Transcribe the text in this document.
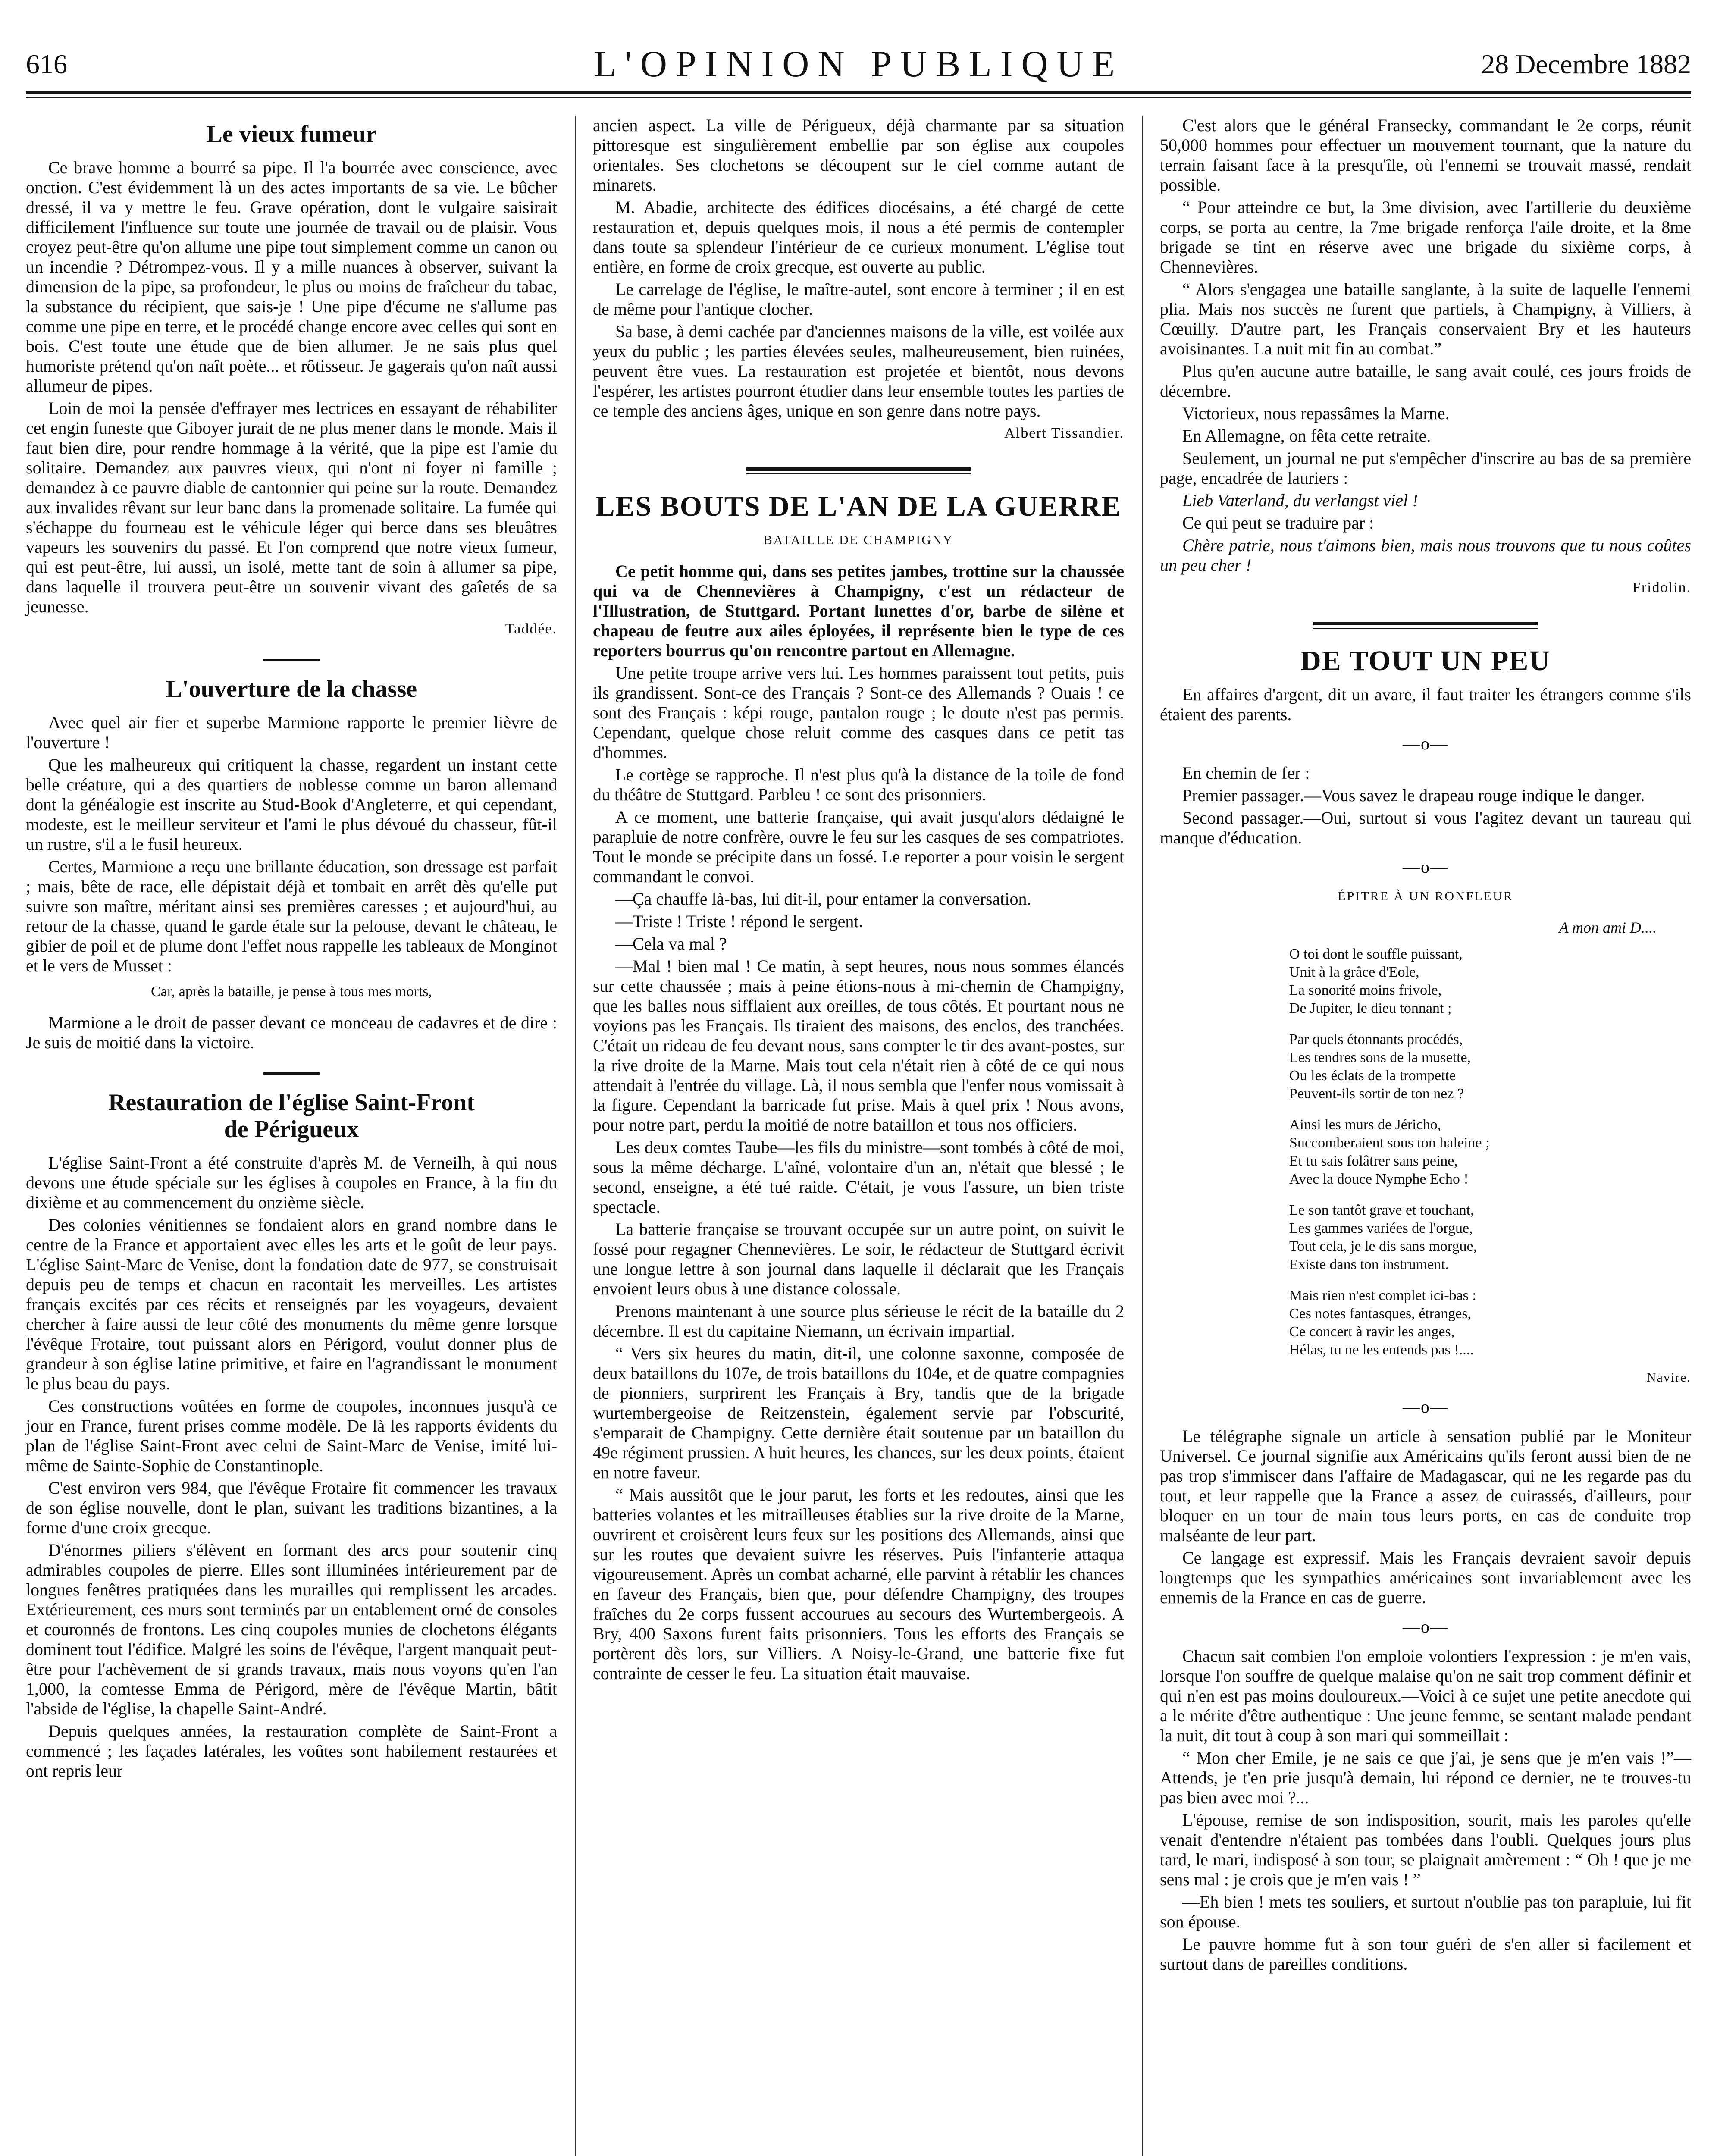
616	L'OPINION PUBLIQUE	28 Decembre 1882
Le vieux fumeur

Ce brave homme a bourré sa pipe. Il l'a bourrée avec conscience, avec onction. C'est évidemment là un des actes importants de sa vie. Le bûcher dressé, il va y mettre le feu. Grave opération, dont le vulgaire saisirait difficilement l'influence sur toute une journée de travail ou de plaisir. Vous croyez peut-être qu'on allume une pipe tout simplement comme un canon ou un incendie ? Détrompez-vous. Il y a mille nuances à observer, suivant la dimension de la pipe, sa profondeur, le plus ou moins de fraîcheur du tabac, la substance du récipient, que sais-je ! Une pipe d'écume ne s'allume pas comme une pipe en terre, et le procédé change encore avec celles qui sont en bois. C'est toute une étude que de bien allumer. Je ne sais plus quel humoriste prétend qu'on naît poète... et rôtisseur. Je gagerais qu'on naît aussi allumeur de pipes.

Loin de moi la pensée d'effrayer mes lectrices en essayant de réhabiliter cet engin funeste que Giboyer jurait de ne plus mener dans le monde. Mais il faut bien dire, pour rendre hommage à la vérité, que la pipe est l'amie du solitaire. Demandez aux pauvres vieux, qui n'ont ni foyer ni famille ; demandez à ce pauvre diable de cantonnier qui peine sur la route. Demandez aux invalides rêvant sur leur banc dans la promenade solitaire. La fumée qui s'échappe du fourneau est le véhicule léger qui berce dans ses bleuâtres vapeurs les souvenirs du passé. Et l'on comprend que notre vieux fumeur, qui est peut-être, lui aussi, un isolé, mette tant de soin à allumer sa pipe, dans laquelle il trouvera peut-être un souvenir vivant des gaîetés de sa jeunesse.

Taddée.
L'ouverture de la chasse

Avec quel air fier et superbe Marmione rapporte le premier lièvre de l'ouverture !

Que les malheureux qui critiquent la chasse, regardent un instant cette belle créature, qui a des quartiers de noblesse comme un baron allemand dont la généalogie est inscrite au Stud-Book d'Angleterre, et qui cependant, modeste, est le meilleur serviteur et l'ami le plus dévoué du chasseur, fût-il un rustre, s'il a le fusil heureux.

Certes, Marmione a reçu une brillante éducation, son dressage est parfait ; mais, bête de race, elle dépistait déjà et tombait en arrêt dès qu'elle put suivre son maître, méritant ainsi ses premières caresses ; et aujourd'hui, au retour de la chasse, quand le garde étale sur la pelouse, devant le château, le gibier de poil et de plume dont l'effet nous rappelle les tableaux de Monginot et le vers de Musset :

Car, après la bataille, je pense à tous mes morts,

Marmione a le droit de passer devant ce monceau de cadavres et de dire : Je suis de moitié dans la victoire.

Restauration de l'église Saint-Front
de Périgueux

L'église Saint-Front a été construite d'après M. de Verneilh, à qui nous devons une étude spéciale sur les églises à coupoles en France, à la fin du dixième et au commencement du onzième siècle.

Des colonies vénitiennes se fondaient alors en grand nombre dans le centre de la France et apportaient avec elles les arts et le goût de leur pays. L'église Saint-Marc de Venise, dont la fondation date de 977, se construisait depuis peu de temps et chacun en racontait les merveilles. Les artistes français excités par ces récits et renseignés par les voyageurs, devaient chercher à faire aussi de leur côté des monuments du même genre lorsque l'évêque Frotaire, tout puissant alors en Périgord, voulut donner plus de grandeur à son église latine primitive, et faire en l'agrandissant le monument le plus beau du pays.

Ces constructions voûtées en forme de coupoles, inconnues jusqu'à ce jour en France, furent prises comme modèle. De là les rapports évidents du plan de l'église Saint-Front avec celui de Saint-Marc de Venise, imité lui-même de Sainte-Sophie de Constantinople.

C'est environ vers 984, que l'évêque Frotaire fit commencer les travaux de son église nouvelle, dont le plan, suivant les traditions bizantines, a la forme d'une croix grecque.

D'énormes piliers s'élèvent en formant des arcs pour soutenir cinq admirables coupoles de pierre. Elles sont illuminées intérieurement par de longues fenêtres pratiquées dans les murailles qui remplissent les arcades. Extérieurement, ces murs sont terminés par un entablement orné de consoles et couronnés de frontons. Les cinq coupoles munies de clochetons élégants dominent tout l'édifice. Malgré les soins de l'évêque, l'argent manquait peut-être pour l'achèvement de si grands travaux, mais nous voyons qu'en l'an 1,000, la comtesse Emma de Périgord, mère de l'évêque Martin, bâtit l'abside de l'église, la chapelle Saint-André.

Depuis quelques années, la restauration complète de Saint-Front a commencé ; les façades latérales, les voûtes sont habilement restaurées et ont repris leur

ancien aspect. La ville de Périgueux, déjà charmante par sa situation pittoresque est singulièrement embellie par son église aux coupoles orientales. Ses clochetons se découpent sur le ciel comme autant de minarets.

M. Abadie, architecte des édifices diocésains, a été chargé de cette restauration et, depuis quelques mois, il nous a été permis de contempler dans toute sa splendeur l'intérieur de ce curieux monument. L'église tout entière, en forme de croix grecque, est ouverte au public.

Le carrelage de l'église, le maître-autel, sont encore à terminer ; il en est de même pour l'antique clocher.

Sa base, à demi cachée par d'anciennes maisons de la ville, est voilée aux yeux du public ; les parties élevées seules, malheureusement, bien ruinées, peuvent être vues. La restauration est projetée et bientôt, nous devons l'espérer, les artistes pourront étudier dans leur ensemble toutes les parties de ce temple des anciens âges, unique en son genre dans notre pays.

Albert Tissandier.
LES BOUTS DE L'AN DE LA GUERRE
BATAILLE DE CHAMPIGNY

Ce petit homme qui, dans ses petites jambes, trottine sur la chaussée qui va de Chennevières à Champigny, c'est un rédacteur de l'Illustration, de Stuttgard. Portant lunettes d'or, barbe de silène et chapeau de feutre aux ailes éployées, il représente bien le type de ces reporters bourrus qu'on rencontre partout en Allemagne.

Une petite troupe arrive vers lui. Les hommes paraissent tout petits, puis ils grandissent. Sont-ce des Français ? Sont-ce des Allemands ? Ouais ! ce sont des Français : képi rouge, pantalon rouge ; le doute n'est pas permis. Cependant, quelque chose reluit comme des casques dans ce petit tas d'hommes.

Le cortège se rapproche. Il n'est plus qu'à la distance de la toile de fond du théâtre de Stuttgard. Parbleu ! ce sont des prisonniers.

A ce moment, une batterie française, qui avait jusqu'alors dédaigné le parapluie de notre confrère, ouvre le feu sur les casques de ses compatriotes. Tout le monde se précipite dans un fossé. Le reporter a pour voisin le sergent commandant le convoi.

—Ça chauffe là-bas, lui dit-il, pour entamer la conversation.

—Triste ! Triste ! répond le sergent.

—Cela va mal ?

—Mal ! bien mal ! Ce matin, à sept heures, nous nous sommes élancés sur cette chaussée ; mais à peine étions-nous à mi-chemin de Champigny, que les balles nous sifflaient aux oreilles, de tous côtés. Et pourtant nous ne voyions pas les Français. Ils tiraient des maisons, des enclos, des tranchées. C'était un rideau de feu devant nous, sans compter le tir des avant-postes, sur la rive droite de la Marne. Mais tout cela n'était rien à côté de ce qui nous attendait à l'entrée du village. Là, il nous sembla que l'enfer nous vomissait à la figure. Cependant la barricade fut prise. Mais à quel prix ! Nous avons, pour notre part, perdu la moitié de notre bataillon et tous nos officiers.

Les deux comtes Taube—les fils du ministre—sont tombés à côté de moi, sous la même décharge. L'aîné, volontaire d'un an, n'était que blessé ; le second, enseigne, a été tué raide. C'était, je vous l'assure, un bien triste spectacle.

La batterie française se trouvant occupée sur un autre point, on suivit le fossé pour regagner Chennevières. Le soir, le rédacteur de Stuttgard écrivit une longue lettre à son journal dans laquelle il déclarait que les Français envoient leurs obus à une distance colossale.

Prenons maintenant à une source plus sérieuse le récit de la bataille du 2 décembre. Il est du capitaine Niemann, un écrivain impartial.

“ Vers six heures du matin, dit-il, une colonne saxonne, composée de deux bataillons du 107e, de trois bataillons du 104e, et de quatre compagnies de pionniers, surprirent les Français à Bry, tandis que de la brigade wurtembergeoise de Reitzenstein, également servie par l'obscurité, s'emparait de Champigny. Cette dernière était soutenue par un bataillon du 49e régiment prussien. A huit heures, les chances, sur les deux points, étaient en notre faveur.

“ Mais aussitôt que le jour parut, les forts et les redoutes, ainsi que les batteries volantes et les mitrailleuses établies sur la rive droite de la Marne, ouvrirent et croisèrent leurs feux sur les positions des Allemands, ainsi que sur les routes que devaient suivre les réserves. Puis l'infanterie attaqua vigoureusement. Après un combat acharné, elle parvint à rétablir les chances en faveur des Français, bien que, pour défendre Champigny, des troupes fraîches du 2e corps fussent accourues au secours des Wurtembergeois. A Bry, 400 Saxons furent faits prisonniers. Tous les efforts des Français se portèrent dès lors, sur Villiers. A Noisy-le-Grand, une batterie fixe fut contrainte de cesser le feu. La situation était mauvaise.

C'est alors que le général Fransecky, commandant le 2e corps, réunit 50,000 hommes pour effectuer un mouvement tournant, que la nature du terrain faisant face à la presqu'île, où l'ennemi se trouvait massé, rendait possible.

“ Pour atteindre ce but, la 3me division, avec l'artillerie du deuxième corps, se porta au centre, la 7me brigade renforça l'aile droite, et la 8me brigade se tint en réserve avec une brigade du sixième corps, à Chennevières.

“ Alors s'engagea une bataille sanglante, à la suite de laquelle l'ennemi plia. Mais nos succès ne furent que partiels, à Champigny, à Villiers, à Cœuilly. D'autre part, les Français conservaient Bry et les hauteurs avoisinantes. La nuit mit fin au combat.”

Plus qu'en aucune autre bataille, le sang avait coulé, ces jours froids de décembre.

Victorieux, nous repassâmes la Marne.

En Allemagne, on fêta cette retraite.

Seulement, un journal ne put s'empêcher d'inscrire au bas de sa première page, encadrée de lauriers :

Lieb Vaterland, du verlangst viel !

Ce qui peut se traduire par :

Chère patrie, nous t'aimons bien, mais nous trouvons que tu nous coûtes un peu cher !

Fridolin.
DE TOUT UN PEU

En affaires d'argent, dit un avare, il faut traiter les étrangers comme s'ils étaient des parents.

—o—

En chemin de fer :

Premier passager.—Vous savez le drapeau rouge indique le danger.

Second passager.—Oui, surtout si vous l'agitez devant un taureau qui manque d'éducation.

—o—
ÉPITRE À UN RONFLEUR
A mon ami D....
O toi dont le souffle puissant,
Unit à la grâce d'Eole,
La sonorité moins frivole,
De Jupiter, le dieu tonnant ;
Par quels étonnants procédés,
Les tendres sons de la musette,
Ou les éclats de la trompette
Peuvent-ils sortir de ton nez ?
Ainsi les murs de Jéricho,
Succomberaient sous ton haleine ;
Et tu sais folâtrer sans peine,
Avec la douce Nymphe Echo !
Le son tantôt grave et touchant,
Les gammes variées de l'orgue,
Tout cela, je le dis sans morgue,
Existe dans ton instrument.
Mais rien n'est complet ici-bas :
Ces notes fantasques, étranges,
Ce concert à ravir les anges,
Hélas, tu ne les entends pas !....
Navire.
—o—

Le télégraphe signale un article à sensation publié par le Moniteur Universel. Ce journal signifie aux Américains qu'ils feront aussi bien de ne pas trop s'immiscer dans l'affaire de Madagascar, qui ne les regarde pas du tout, et leur rappelle que la France a assez de cuirassés, d'ailleurs, pour bloquer en un tour de main tous leurs ports, en cas de conduite trop malséante de leur part.

Ce langage est expressif. Mais les Français devraient savoir depuis longtemps que les sympathies américaines sont invariablement avec les ennemis de la France en cas de guerre.

—o—

Chacun sait combien l'on emploie volontiers l'expression : je m'en vais, lorsque l'on souffre de quelque malaise qu'on ne sait trop comment définir et qui n'en est pas moins douloureux.—Voici à ce sujet une petite anecdote qui a le mérite d'être authentique : Une jeune femme, se sentant malade pendant la nuit, dit tout à coup à son mari qui sommeillait :

“ Mon cher Emile, je ne sais ce que j'ai, je sens que je m'en vais !”—Attends, je t'en prie jusqu'à demain, lui répond ce dernier, ne te trouves-tu pas bien avec moi ?...

L'épouse, remise de son indisposition, sourit, mais les paroles qu'elle venait d'entendre n'étaient pas tombées dans l'oubli. Quelques jours plus tard, le mari, indisposé à son tour, se plaignait amèrement : “ Oh ! que je me sens mal : je crois que je m'en vais ! ”

—Eh bien ! mets tes souliers, et surtout n'oublie pas ton parapluie, lui fit son épouse.

Le pauvre homme fut à son tour guéri de s'en aller si facilement et surtout dans de pareilles conditions.
